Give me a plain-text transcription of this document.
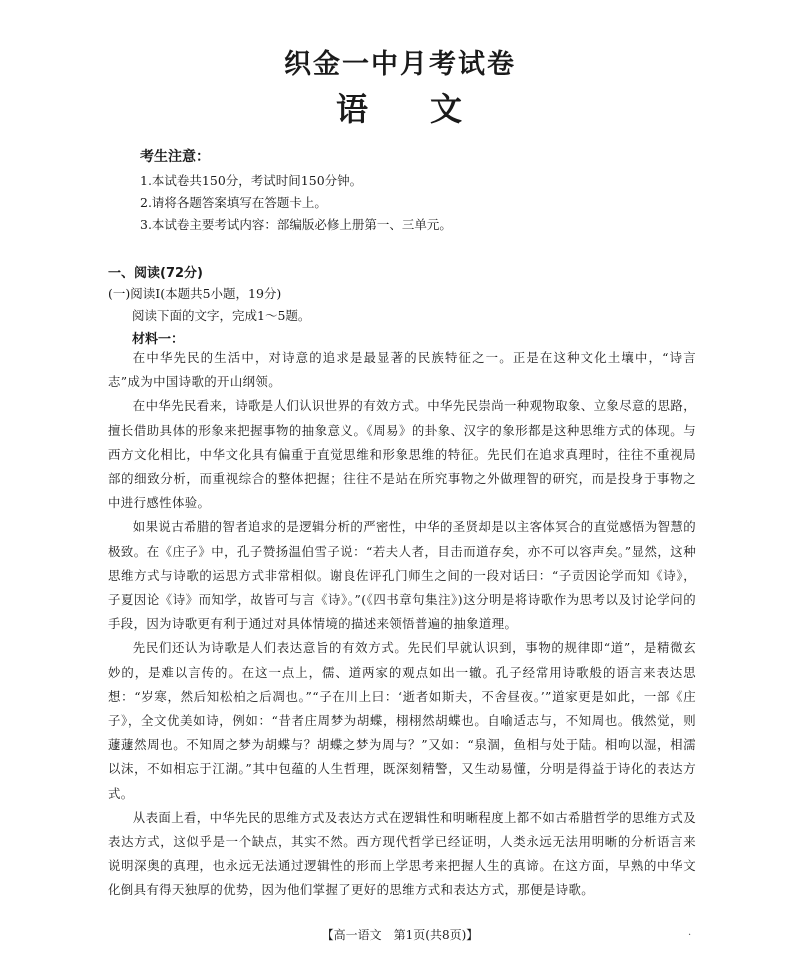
织金一中月考试卷
语 文
考生注意：
1.本试卷共150分，考试时间150分钟。
2.请将各题答案填写在答题卡上。
3.本试卷主要考试内容：部编版必修上册第一、三单元。
一、阅读(72分)
(一)阅读Ⅰ(本题共5小题，19分)
阅读下面的文字，完成1～5题。
材料一：

在中华先民的生活中，对诗意的追求是最显著的民族特征之一。正是在这种文化土壤中，“诗言志”成为中国诗歌的开山纲领。

在中华先民看来，诗歌是人们认识世界的有效方式。中华先民崇尚一种观物取象、立象尽意的思路，擅长借助具体的形象来把握事物的抽象意义。《周易》的卦象、汉字的象形都是这种思维方式的体现。与西方文化相比，中华文化具有偏重于直觉思维和形象思维的特征。先民们在追求真理时，往往不重视局部的细致分析，而重视综合的整体把握；往往不是站在所究事物之外做理智的研究，而是投身于事物之中进行感性体验。

如果说古希腊的智者追求的是逻辑分析的严密性，中华的圣贤却是以主客体冥合的直觉感悟为智慧的极致。在《庄子》中，孔子赞扬温伯雪子说：“若夫人者，目击而道存矣，亦不可以容声矣。”显然，这种思维方式与诗歌的运思方式非常相似。谢良佐评孔门师生之间的一段对话曰：“子贡因论学而知《诗》，子夏因论《诗》而知学，故皆可与言《诗》。”(《四书章句集注》)这分明是将诗歌作为思考以及讨论学问的手段，因为诗歌更有利于通过对具体情境的描述来领悟普遍的抽象道理。

先民们还认为诗歌是人们表达意旨的有效方式。先民们早就认识到，事物的规律即“道”，是精微玄妙的，是难以言传的。在这一点上，儒、道两家的观点如出一辙。孔子经常用诗歌般的语言来表达思想：“岁寒，然后知松柏之后凋也。”“子在川上曰：‘逝者如斯夫，不舍昼夜。’”道家更是如此，一部《庄子》，全文优美如诗，例如：“昔者庄周梦为胡蝶，栩栩然胡蝶也。自喻适志与，不知周也。俄然觉，则蘧蘧然周也。不知周之梦为胡蝶与？胡蝶之梦为周与？”又如：“泉涸，鱼相与处于陆。相呴以湿，相濡以沫，不如相忘于江湖。”其中包蕴的人生哲理，既深刻精警，又生动易懂，分明是得益于诗化的表达方式。

从表面上看，中华先民的思维方式及表达方式在逻辑性和明晰程度上都不如古希腊哲学的思维方式及表达方式，这似乎是一个缺点，其实不然。西方现代哲学已经证明，人类永远无法用明晰的分析语言来说明深奥的真理，也永远无法通过逻辑性的形而上学思考来把握人生的真谛。在这方面，早熟的中华文化倒具有得天独厚的优势，因为他们掌握了更好的思维方式和表达方式，那便是诗歌。

【高一语文　第1页(共8页)】	·
